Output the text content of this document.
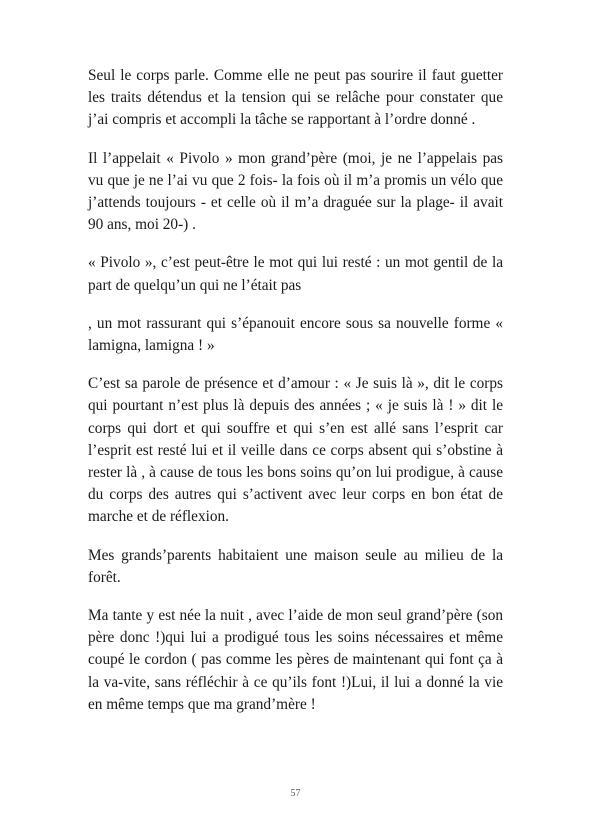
Seul le corps parle. Comme elle ne peut pas sourire il faut guetter les traits détendus et la tension qui se relâche pour constater que j’ai compris et accompli la tâche se rapportant à l’ordre donné .

Il l’appelait « Pivolo » mon grand’père (moi, je ne l’appelais pas vu que je ne l’ai vu que 2 fois- la fois où il m’a promis un vélo que j’attends toujours - et celle où il m’a draguée sur la plage- il avait 90 ans, moi 20-) .

« Pivolo », c’est peut-être le mot qui lui resté : un mot gentil de la part de quelqu’un qui ne l’était pas

, un mot rassurant qui s’épanouit encore sous sa nouvelle forme « lamigna, lamigna ! »

C’est sa parole de présence et d’amour : « Je suis là », dit le corps qui pourtant n’est plus là depuis des années ; « je suis là ! » dit le corps qui dort et qui souffre et qui s’en est allé sans l’esprit car l’esprit est resté lui et il veille dans ce corps absent qui s’obstine à rester là , à cause de tous les bons soins qu’on lui prodigue, à cause du corps des autres qui s’activent avec leur corps en bon état de marche et de réflexion.

Mes grands’parents habitaient une maison seule au milieu de la forêt.

Ma tante y est née la nuit , avec l’aide de mon seul grand’père (son père donc !)qui lui a prodigué tous les soins nécessaires et même coupé le cordon ( pas comme les pères de maintenant qui font ça à la va-vite, sans réfléchir à ce qu’ils font !)Lui, il lui a donné la vie en même temps que ma grand’mère !

57
